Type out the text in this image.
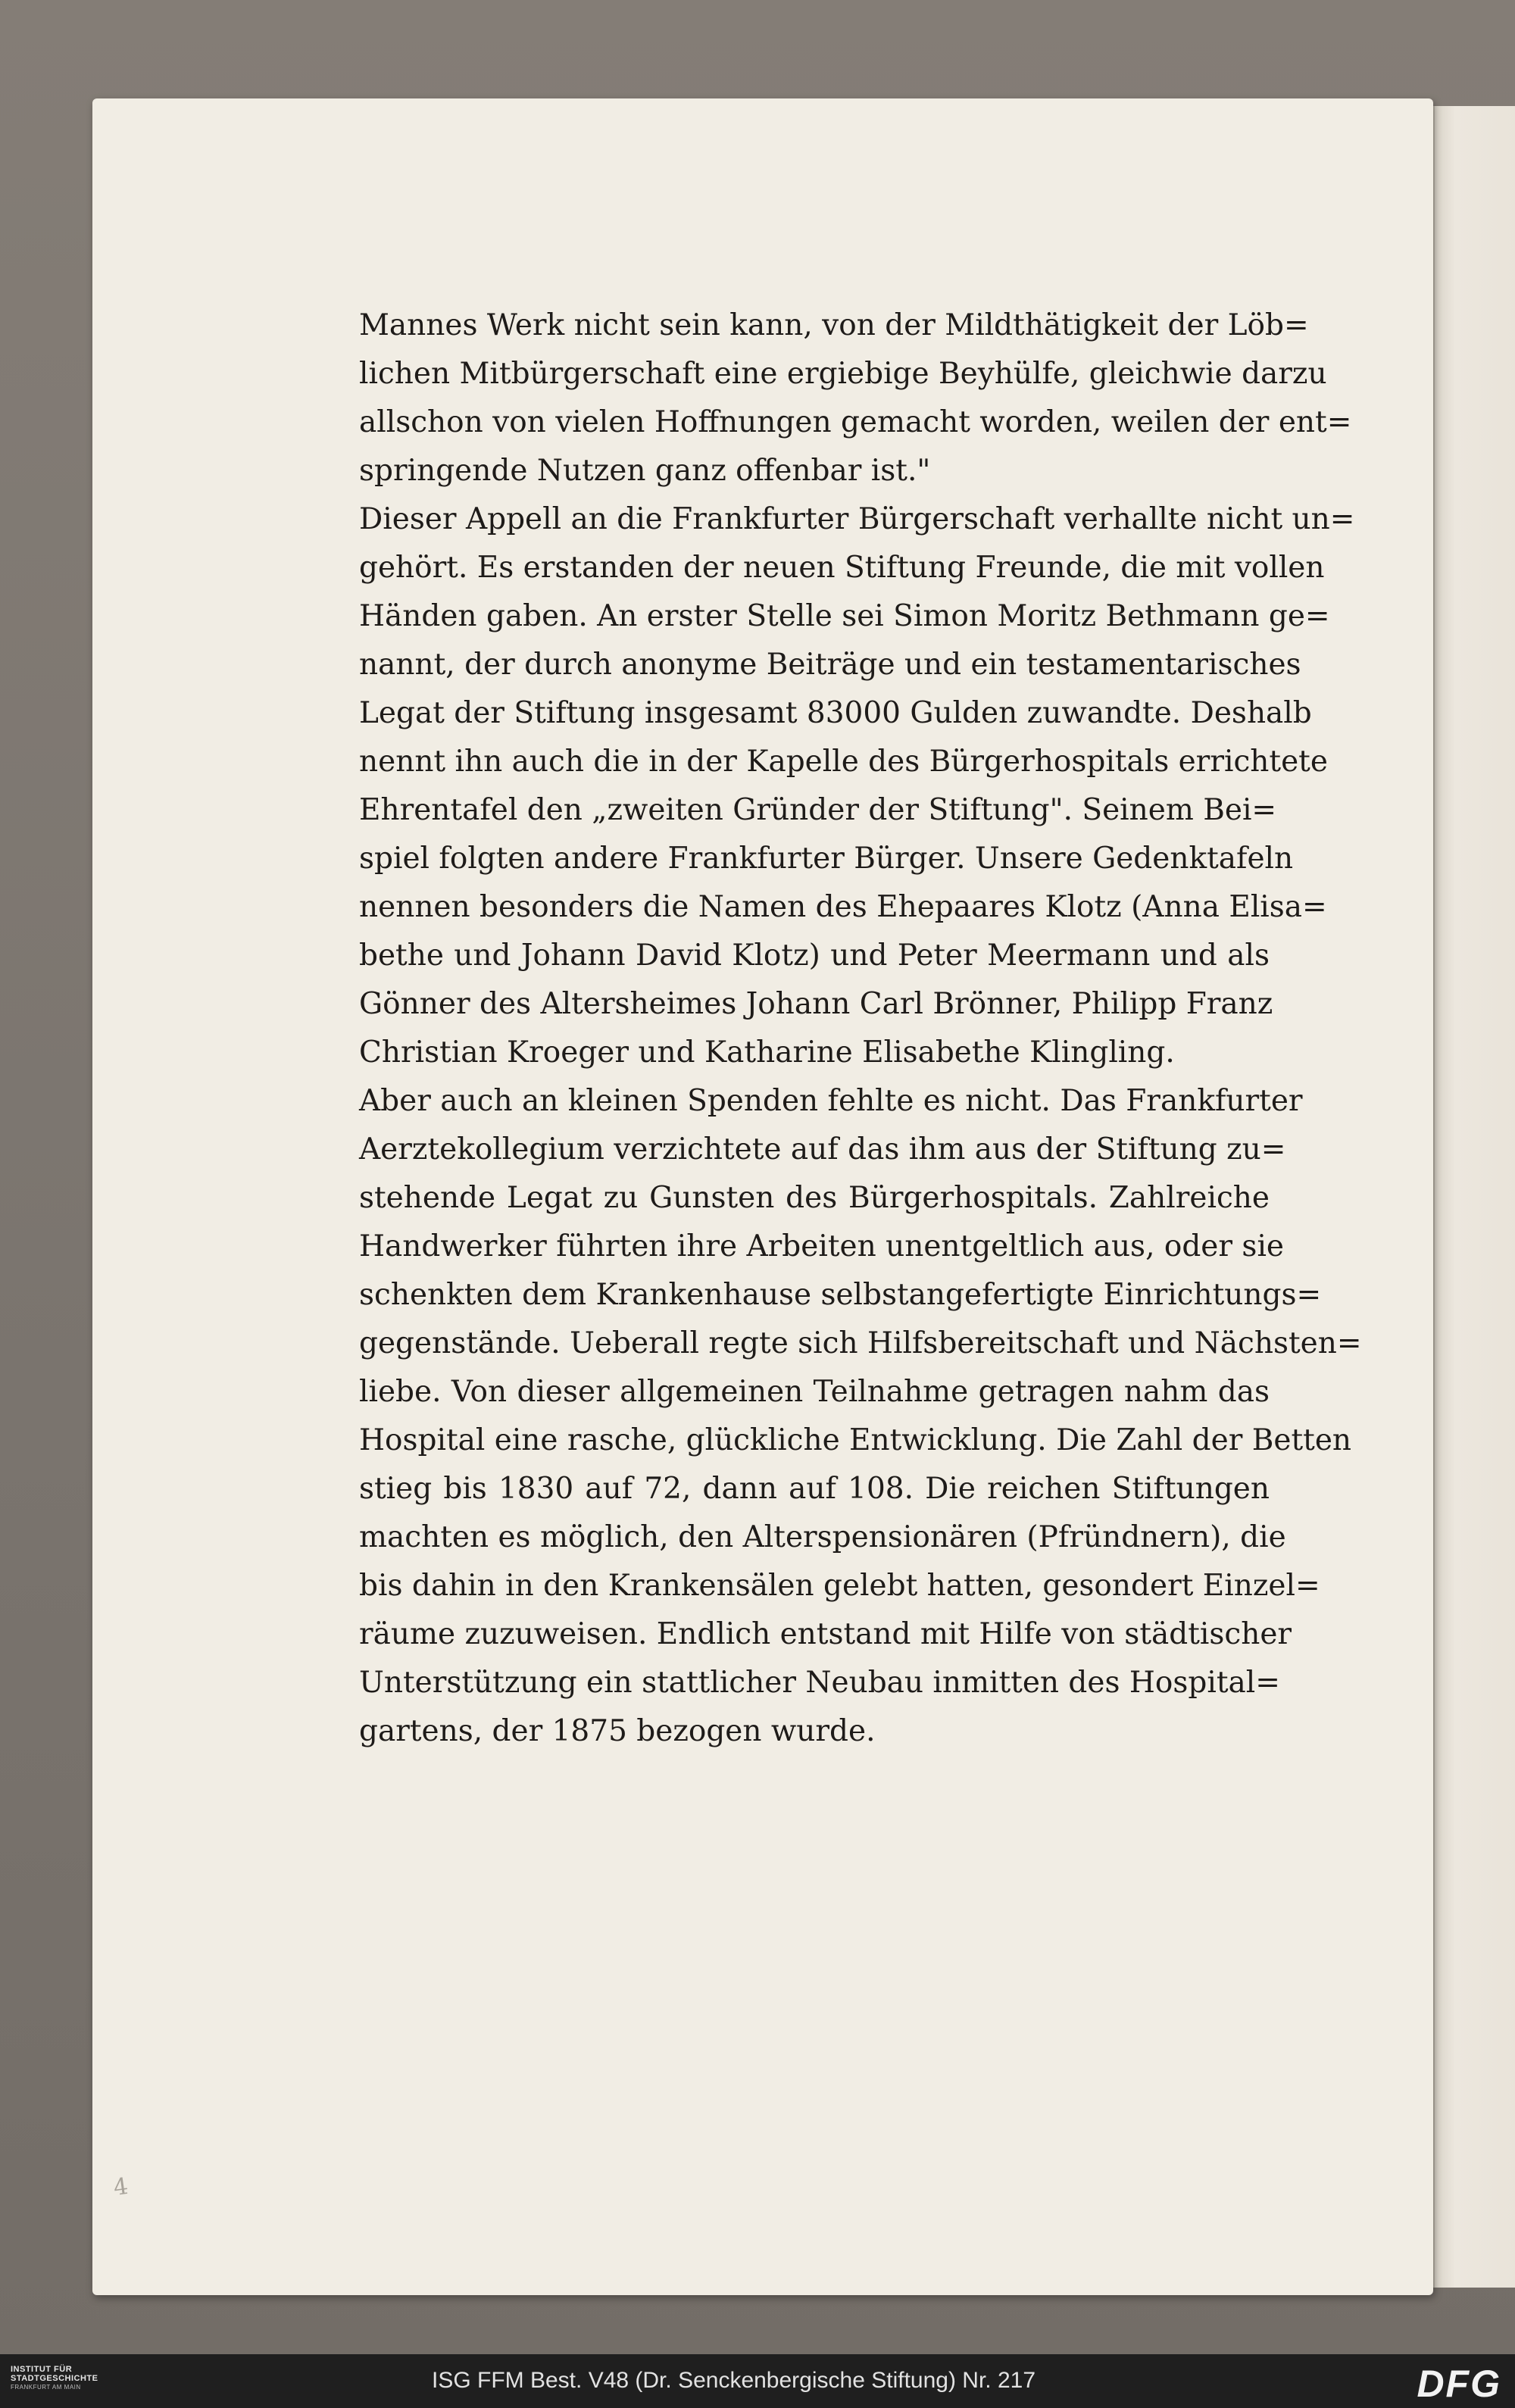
Mannes Werk nicht sein kann, von der Mildthätigkeit der Löb=
lichen Mitbürgerschaft eine ergiebige Beyhülfe, gleichwie darzu
allschon von vielen Hoffnungen gemacht worden, weilen der ent=
springende Nutzen ganz offenbar ist."
Dieser Appell an die Frankfurter Bürgerschaft verhallte nicht un=
gehört. Es erstanden der neuen Stiftung Freunde, die mit vollen
Händen gaben. An erster Stelle sei Simon Moritz Bethmann ge=
nannt, der durch anonyme Beiträge und ein testamentarisches
Legat der Stiftung insgesamt 83000 Gulden zuwandte. Deshalb
nennt ihn auch die in der Kapelle des Bürgerhospitals errichtete
Ehrentafel den „zweiten Gründer der Stiftung". Seinem Bei=
spiel folgten andere Frankfurter Bürger. Unsere Gedenktafeln
nennen besonders die Namen des Ehepaares Klotz (Anna Elisa=
bethe und Johann David Klotz) und Peter Meermann und als
Gönner des Altersheimes Johann Carl Brönner, Philipp Franz
Christian Kroeger und Katharine Elisabethe Klingling.
Aber auch an kleinen Spenden fehlte es nicht. Das Frankfurter
Aerztekollegium verzichtete auf das ihm aus der Stiftung zu=
stehende Legat zu Gunsten des Bürgerhospitals. Zahlreiche
Handwerker führten ihre Arbeiten unentgeltlich aus, oder sie
schenkten dem Krankenhause selbstangefertigte Einrichtungs=
gegenstände. Ueberall regte sich Hilfsbereitschaft und Nächsten=
liebe. Von dieser allgemeinen Teilnahme getragen nahm das
Hospital eine rasche, glückliche Entwicklung. Die Zahl der Betten
stieg bis 1830 auf 72, dann auf 108. Die reichen Stiftungen
machten es möglich, den Alterspensionären (Pfründnern), die
bis dahin in den Krankensälen gelebt hatten, gesondert Einzel=
räume zuzuweisen. Endlich entstand mit Hilfe von städtischer
Unterstützung ein stattlicher Neubau inmitten des Hospital=
gartens, der 1875 bezogen wurde.
4
INSTITUT FÜR
STADTGESCHICHTE
FRANKFURT AM MAIN	ISG FFM Best. V48 (Dr. Senckenbergische Stiftung) Nr. 217	DFG
